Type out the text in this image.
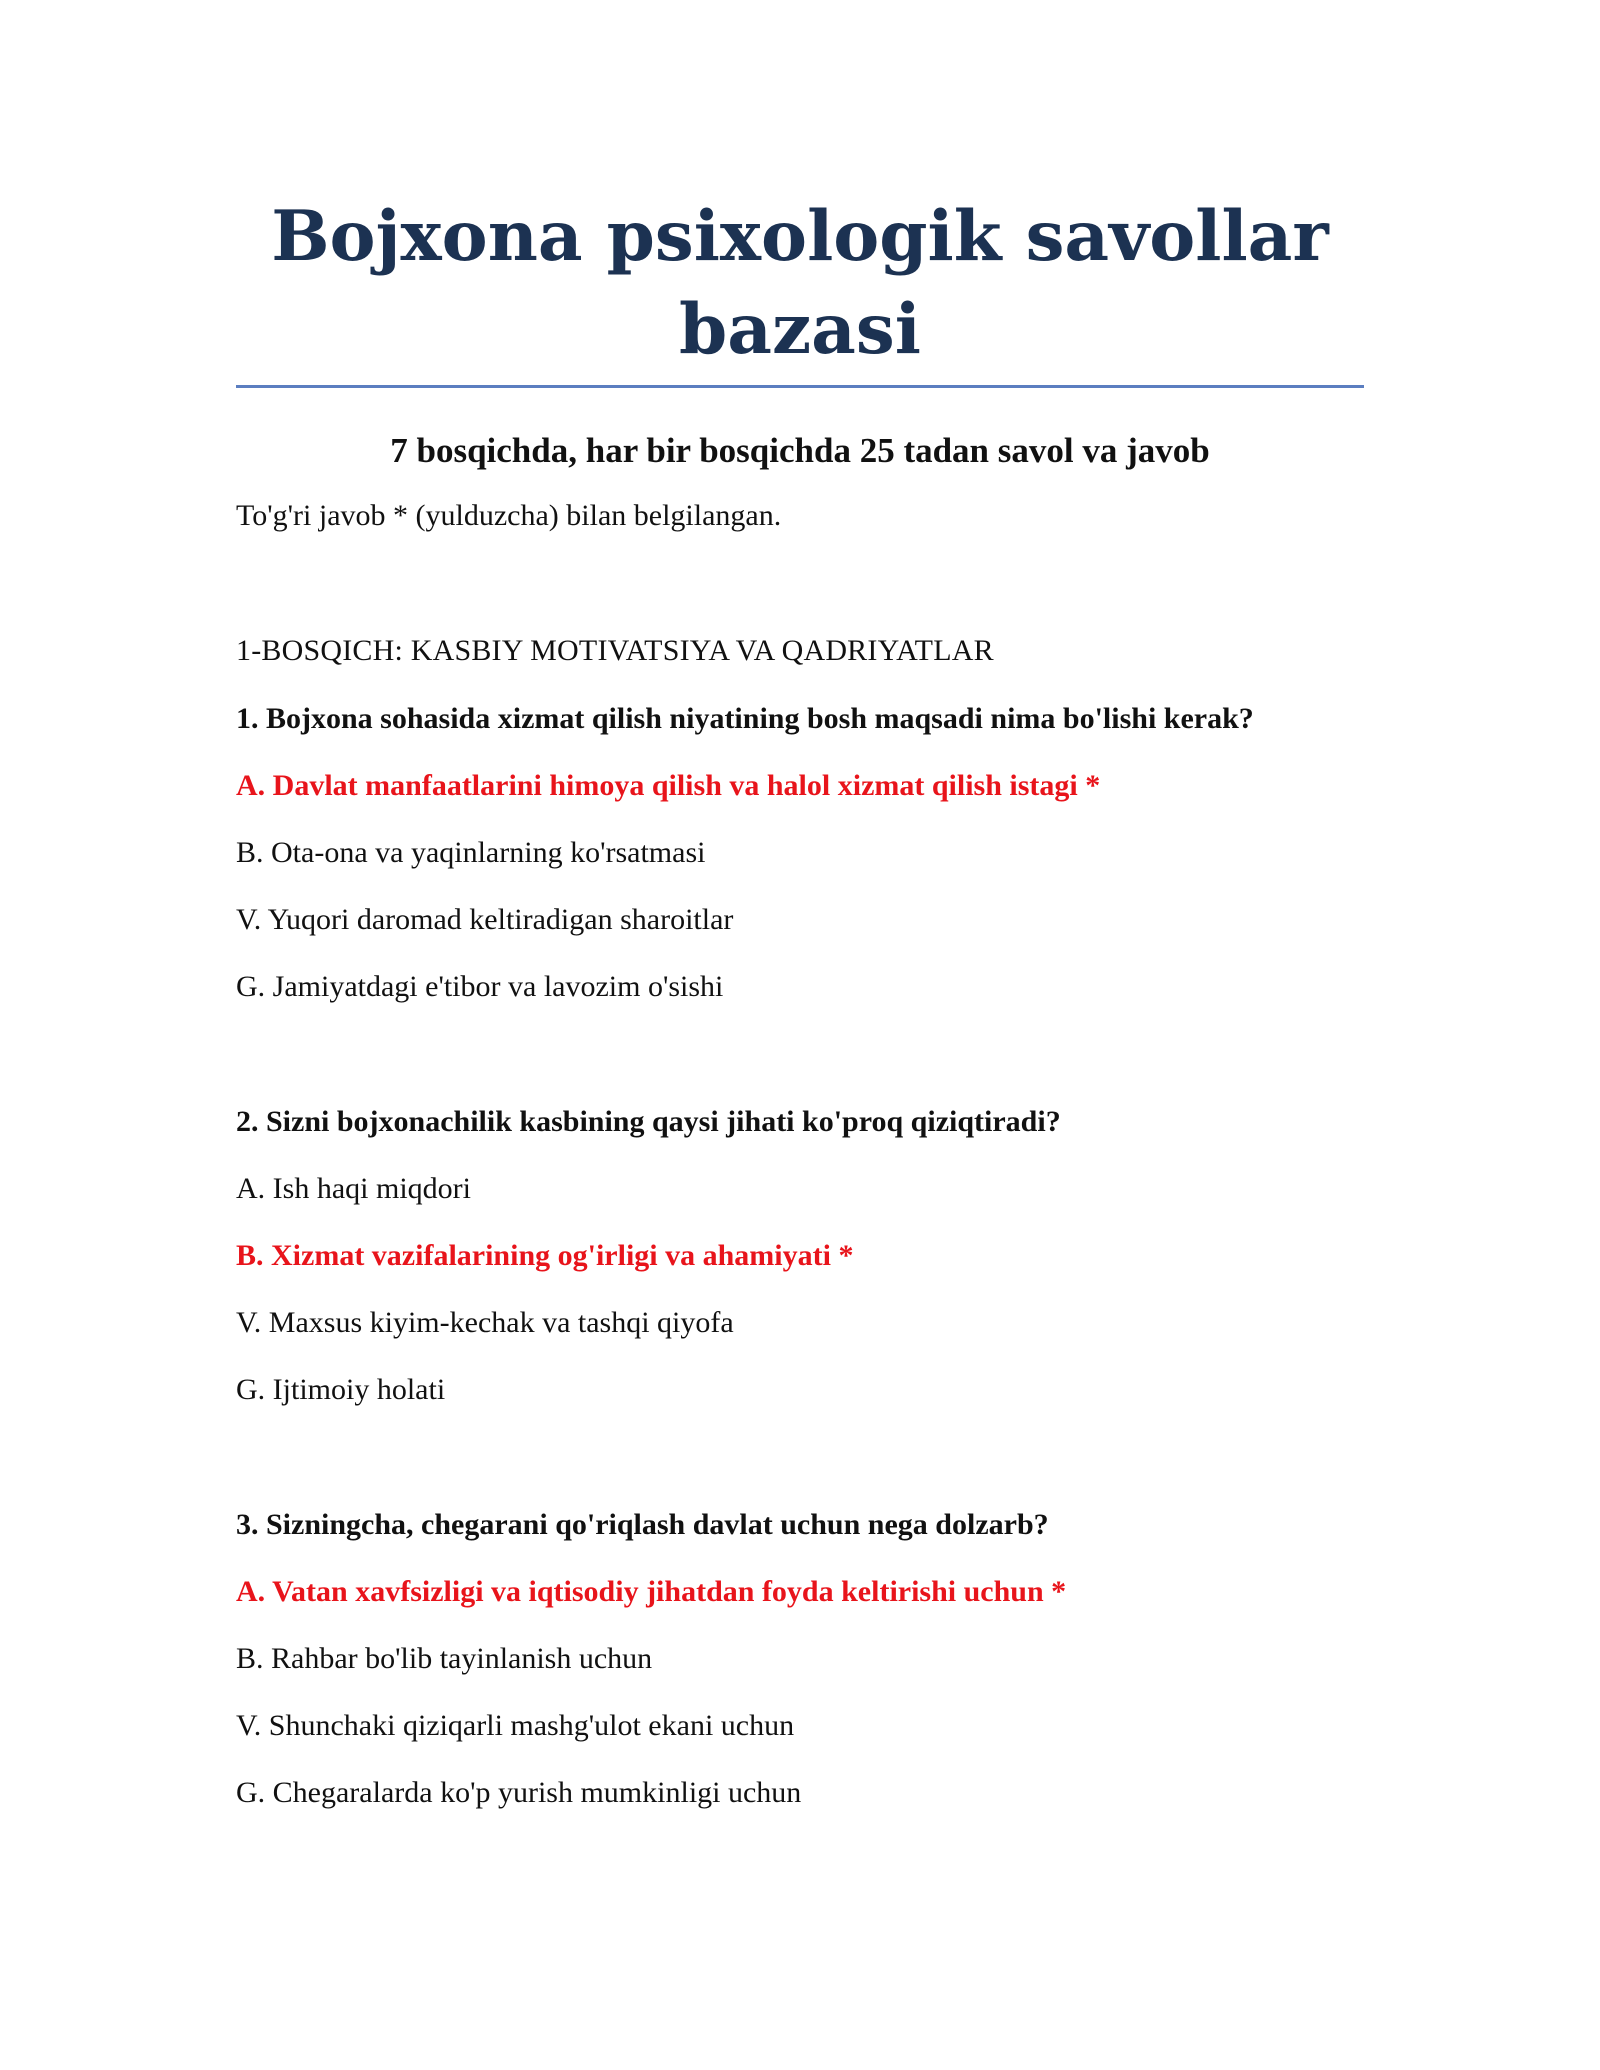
Bojxona psixologik savollar bazasi
7 bosqichda, har bir bosqichda 25 tadan savol va javob
To'g'ri javob * (yulduzcha) bilan belgilangan.
1-BOSQICH: KASBIY MOTIVATSIYA VA QADRIYATLAR
1. Bojxona sohasida xizmat qilish niyatining bosh maqsadi nima bo'lishi kerak?
A. Davlat manfaatlarini himoya qilish va halol xizmat qilish istagi *
B. Ota-ona va yaqinlarning ko'rsatmasi
V. Yuqori daromad keltiradigan sharoitlar
G. Jamiyatdagi e'tibor va lavozim o'sishi
2. Sizni bojxonachilik kasbining qaysi jihati ko'proq qiziqtiradi?
A. Ish haqi miqdori
B. Xizmat vazifalarining og'irligi va ahamiyati *
V. Maxsus kiyim-kechak va tashqi qiyofa
G. Ijtimoiy holati
3. Sizningcha, chegarani qo'riqlash davlat uchun nega dolzarb?
A. Vatan xavfsizligi va iqtisodiy jihatdan foyda keltirishi uchun *
B. Rahbar bo'lib tayinlanish uchun
V. Shunchaki qiziqarli mashg'ulot ekani uchun
G. Chegaralarda ko'p yurish mumkinligi uchun
